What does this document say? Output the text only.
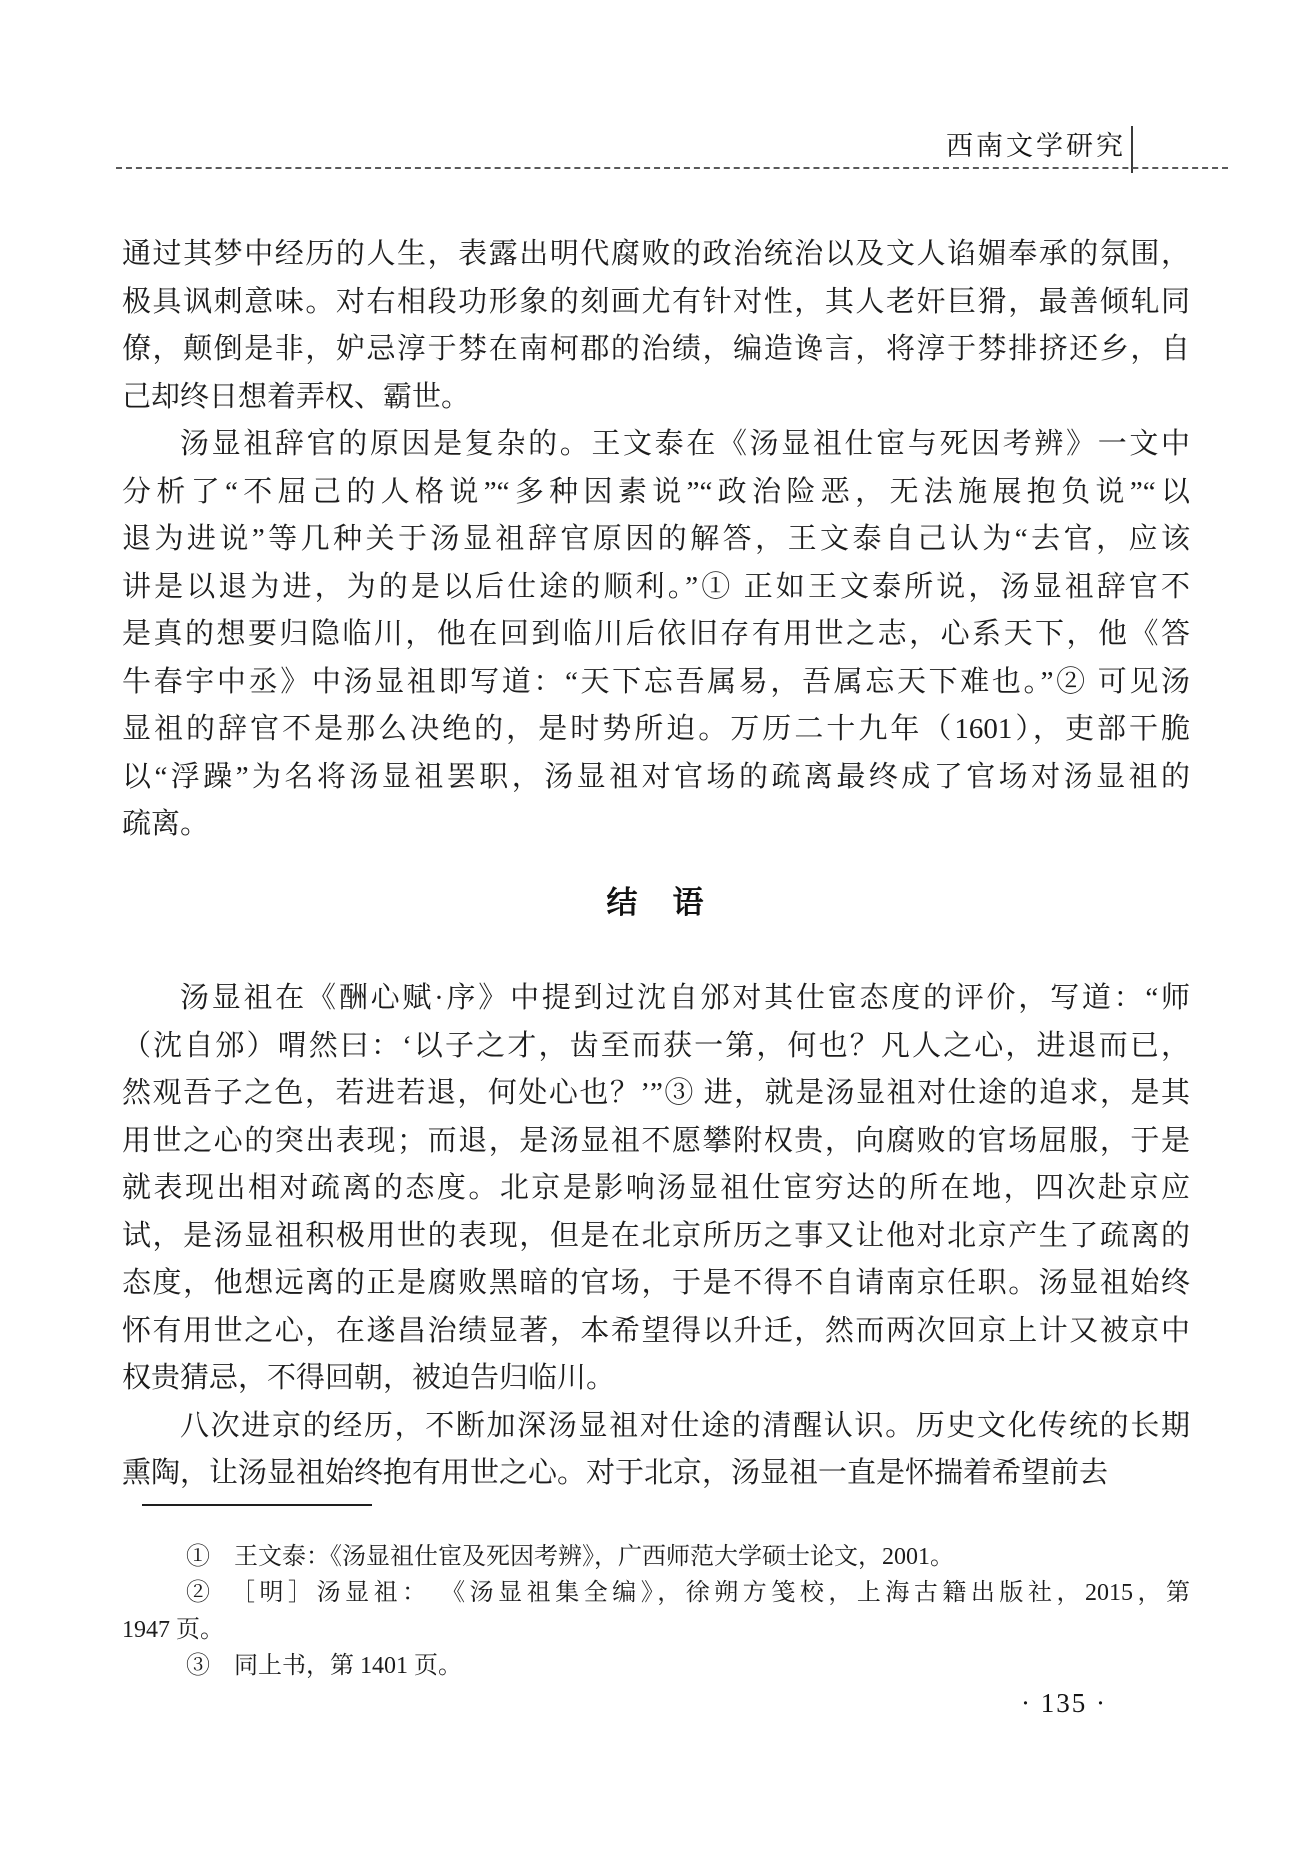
西南文学研究
通过其梦中经历的人生，表露出明代腐败的政治统治以及文人谄媚奉承的氛围，
极具讽刺意味。对右相段功形象的刻画尤有针对性，其人老奸巨猾，最善倾轧同
僚，颠倒是非，妒忌淳于棼在南柯郡的治绩，编造谗言，将淳于棼排挤还乡，自
己却终日想着弄权、霸世。
汤显祖辞官的原因是复杂的。王文泰在《汤显祖仕宦与死因考辨》一文中
分析了“不屈己的人格说”“多种因素说”“政治险恶，无法施展抱负说”“以
退为进说”等几种关于汤显祖辞官原因的解答，王文泰自己认为“去官，应该
讲是以退为进，为的是以后仕途的顺利。”① 正如王文泰所说，汤显祖辞官不
是真的想要归隐临川，他在回到临川后依旧存有用世之志，心系天下，他《答
牛春宇中丞》中汤显祖即写道：“天下忘吾属易，吾属忘天下难也。”② 可见汤
显祖的辞官不是那么决绝的，是时势所迫。万历二十九年（1601），吏部干脆
以“浮躁”为名将汤显祖罢职，汤显祖对官场的疏离最终成了官场对汤显祖的
疏离。
结　语
汤显祖在《酬心赋·序》中提到过沈自邠对其仕宦态度的评价，写道：“师
（沈自邠）喟然曰：‘以子之才，齿至而获一第，何也？凡人之心，进退而已，
然观吾子之色，若进若退，何处心也？’”③ 进，就是汤显祖对仕途的追求，是其
用世之心的突出表现；而退，是汤显祖不愿攀附权贵，向腐败的官场屈服，于是
就表现出相对疏离的态度。北京是影响汤显祖仕宦穷达的所在地，四次赴京应
试，是汤显祖积极用世的表现，但是在北京所历之事又让他对北京产生了疏离的
态度，他想远离的正是腐败黑暗的官场，于是不得不自请南京任职。汤显祖始终
怀有用世之心，在遂昌治绩显著，本希望得以升迁，然而两次回京上计又被京中
权贵猜忌，不得回朝，被迫告归临川。
八次进京的经历，不断加深汤显祖对仕途的清醒认识。历史文化传统的长期
熏陶，让汤显祖始终抱有用世之心。对于北京，汤显祖一直是怀揣着希望前去
①　王文泰：《汤显祖仕宦及死因考辨》，广西师范大学硕士论文，2001。
②　［明］汤显祖： 《汤显祖集全编》，徐朔方笺校，上海古籍出版社，2015，第
1947 页。
③　同上书，第 1401 页。
· 135 ·
